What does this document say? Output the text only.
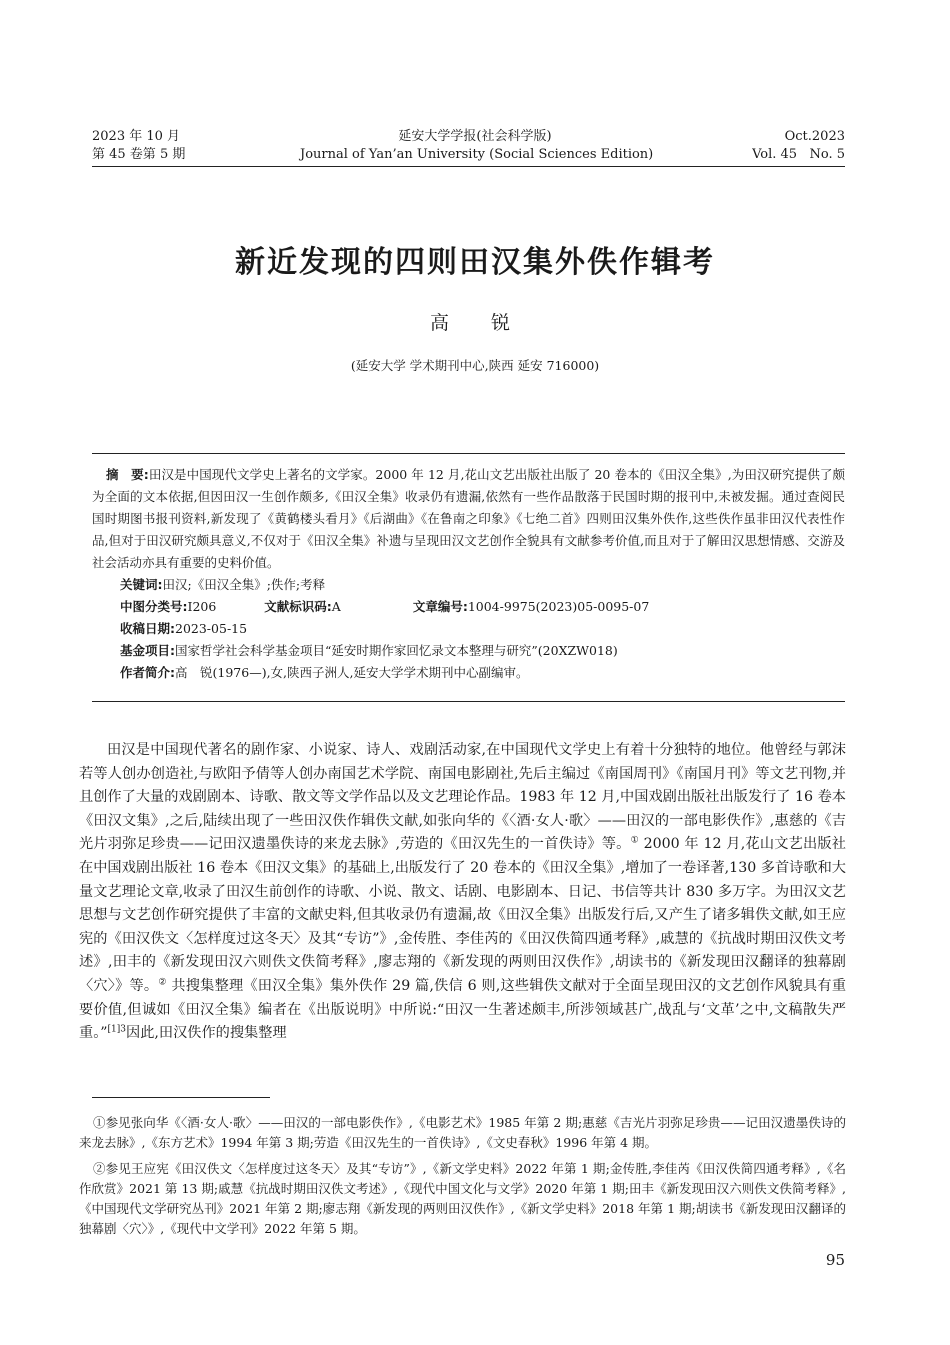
2023 年 10 月
第 45 卷第 5 期
延安大学学报(社会科学版)
Journal of Yan’an University (Social Sciences Edition)
Oct.2023
Vol. 45   No. 5
新近发现的四则田汉集外佚作辑考
高  锐
(延安大学 学术期刊中心,陕西 延安 716000)

摘　要:田汉是中国现代文学史上著名的文学家。2000 年 12 月,花山文艺出版社出版了 20 卷本的《田汉全集》,为田汉研究提供了颇为全面的文本依据,但因田汉一生创作颇多,《田汉全集》收录仍有遗漏,依然有一些作品散落于民国时期的报刊中,未被发掘。通过查阅民国时期图书报刊资料,新发现了《黄鹤楼头看月》《后湖曲》《在鲁南之印象》《七绝二首》四则田汉集外佚作,这些佚作虽非田汉代表性作品,但对于田汉研究颇具意义,不仅对于《田汉全集》补遗与呈现田汉文艺创作全貌具有文献参考价值,而且对于了解田汉思想情感、交游及社会活动亦具有重要的史料价值。

关键词:田汉;《田汉全集》;佚作;考释

中图分类号:I206	文献标识码:A	文章编号:1004-9975(2023)05-0095-07

收稿日期:2023-05-15

基金项目:国家哲学社会科学基金项目“延安时期作家回忆录文本整理与研究”(20XZW018)

作者简介:高　锐(1976—),女,陕西子洲人,延安大学学术期刊中心副编审。

田汉是中国现代著名的剧作家、小说家、诗人、戏剧活动家,在中国现代文学史上有着十分独特的地位。他曾经与郭沫若等人创办创造社,与欧阳予倩等人创办南国艺术学院、南国电影剧社,先后主编过《南国周刊》《南国月刊》等文艺刊物,并且创作了大量的戏剧剧本、诗歌、散文等文学作品以及文艺理论作品。1983 年 12 月,中国戏剧出版社出版发行了 16 卷本《田汉文集》,之后,陆续出现了一些田汉佚作辑佚文献,如张向华的《〈酒·女人·歌〉——田汉的一部电影佚作》,惠慈的《吉光片羽弥足珍贵——记田汉遗墨佚诗的来龙去脉》,劳造的《田汉先生的一首佚诗》等。① 2000 年 12 月,花山文艺出版社在中国戏剧出版社 16 卷本《田汉文集》的基础上,出版发行了 20 卷本的《田汉全集》,增加了一卷译著,130 多首诗歌和大量文艺理论文章,收录了田汉生前创作的诗歌、小说、散文、话剧、电影剧本、日记、书信等共计 830 多万字。为田汉文艺思想与文艺创作研究提供了丰富的文献史料,但其收录仍有遗漏,故《田汉全集》出版发行后,又产生了诸多辑佚文献,如王应宪的《田汉佚文〈怎样度过这冬天〉及其“专访”》,金传胜、李佳芮的《田汉佚简四通考释》,戚慧的《抗战时期田汉佚文考述》,田丰的《新发现田汉六则佚文佚简考释》,廖志翔的《新发现的两则田汉佚作》,胡读书的《新发现田汉翻译的独幕剧〈穴〉》等。② 共搜集整理《田汉全集》集外佚作 29 篇,佚信 6 则,这些辑佚文献对于全面呈现田汉的文艺创作风貌具有重要价值,但诚如《田汉全集》编者在《出版说明》中所说:“田汉一生著述颇丰,所涉领域甚广,战乱与‘文革’之中,文稿散失严重。”$^{[1]3}$因此,田汉佚作的搜集整理

①参见张向华《〈酒·女人·歌〉——田汉的一部电影佚作》,《电影艺术》1985 年第 2 期;惠慈《吉光片羽弥足珍贵——记田汉遗墨佚诗的来龙去脉》,《东方艺术》1994 年第 3 期;劳造《田汉先生的一首佚诗》,《文史春秋》1996 年第 4 期。

②参见王应宪《田汉佚文〈怎样度过这冬天〉及其“专访”》,《新文学史料》2022 年第 1 期;金传胜,李佳芮《田汉佚简四通考释》,《名作欣赏》2021 第 13 期;戚慧《抗战时期田汉佚文考述》,《现代中国文化与文学》2020 年第 1 期;田丰《新发现田汉六则佚文佚简考释》,《中国现代文学研究丛刊》2021 年第 2 期;廖志翔《新发现的两则田汉佚作》,《新文学史料》2018 年第 1 期;胡读书《新发现田汉翻译的独幕剧〈穴〉》,《现代中文学刊》2022 年第 5 期。

95
